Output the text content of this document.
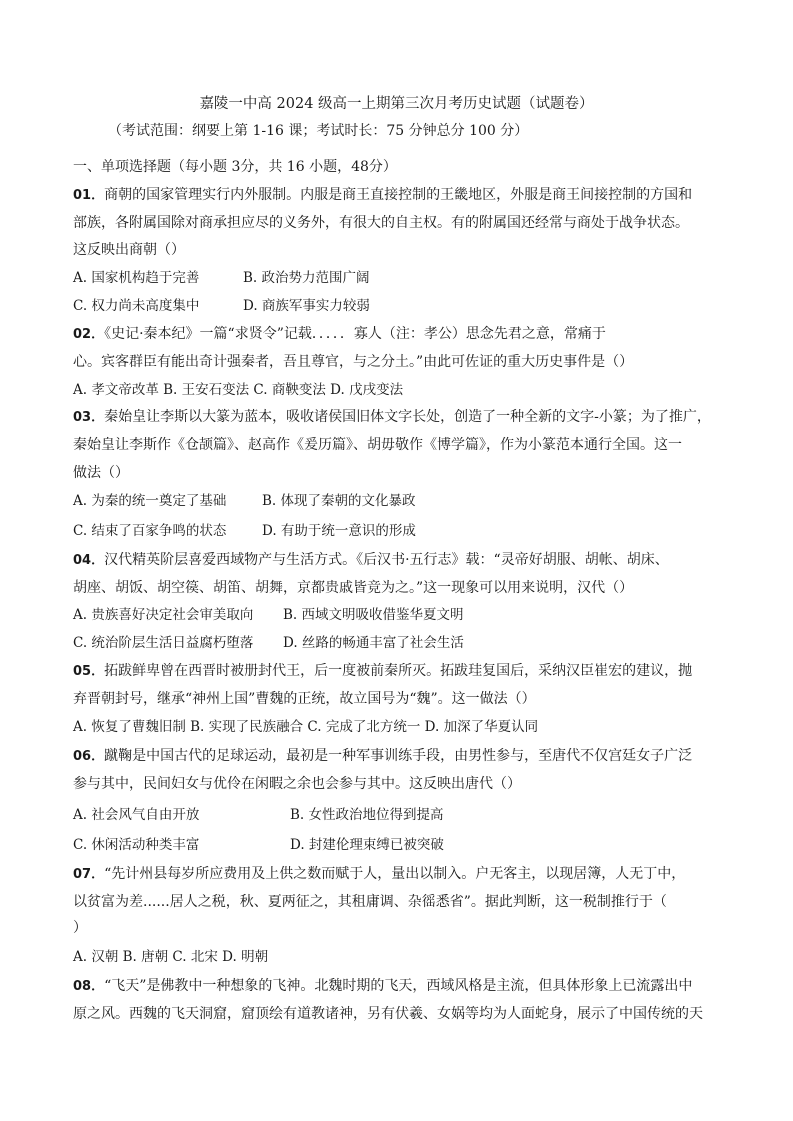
嘉陵一中高 2024 级高一上期第三次月考历史试题（试题卷）
（考试范围：纲要上第 1-16 课；考试时长：75 分钟总分 100 分）
一、单项选择题（每小题 3分，共 16 小题，48分）
01．商朝的国家管理实行内外服制。内服是商王直接控制的王畿地区，外服是商王间接控制的方国和
部族，各附属国除对商承担应尽的义务外，有很大的自主权。有的附属国还经常与商处于战争状态。
这反映出商朝（）
A. 国家机构趋于完善	B. 政治势力范围广阔
C. 权力尚未高度集中	D. 商族军事实力较弱
02．《史记·秦本纪》一篇“求贤令”记载．．．．．寡人（注：孝公）思念先君之意，常痛于
心。宾客群臣有能出奇计强秦者，吾且尊官，与之分土。”由此可佐证的重大历史事件是（）
A. 孝文帝改革 B. 王安石变法 C. 商鞅变法 D. 戊戌变法
03．秦始皇让李斯以大篆为蓝本，吸收诸侯国旧体文字长处，创造了一种全新的文字-小篆；为了推广，
秦始皇让李斯作《仓颉篇》、赵高作《爰历篇》、胡毋敬作《博学篇》，作为小篆范本通行全国。这一
做法（）
A. 为秦的统一奠定了基础	B. 体现了秦朝的文化暴政
C. 结束了百家争鸣的状态	D. 有助于统一意识的形成
04．汉代精英阶层喜爱西域物产与生活方式。《后汉书·五行志》载：“灵帝好胡服、胡帐、胡床、
胡座、胡饭、胡空篌、胡笛、胡舞，京都贵戚皆竞为之。”这一现象可以用来说明，汉代（）
A. 贵族喜好决定社会审美取向 B. 西域文明吸收借鉴华夏文明
C. 统治阶层生活日益腐朽堕落 D. 丝路的畅通丰富了社会生活
05．拓跋鲜卑曾在西晋时被册封代王，后一度被前秦所灭。拓跋珪复国后，采纳汉臣崔宏的建议，抛
弃晋朝封号，继承“神州上国”曹魏的正统，故立国号为“魏”。这一做法（）
A. 恢复了曹魏旧制 B. 实现了民族融合 C. 完成了北方统一 D. 加深了华夏认同
06．蹴鞠是中国古代的足球运动，最初是一种军事训练手段，由男性参与，至唐代不仅宫廷女子广泛
参与其中，民间妇女与优伶在闲暇之余也会参与其中。这反映出唐代（）
A. 社会风气自由开放	B. 女性政治地位得到提高
C. 休闲活动种类丰富	D. 封建伦理束缚已被突破
07．“先计州县每岁所应费用及上供之数而赋于人，量出以制入。户无客主，以现居簿，人无丁中，
以贫富为差......居人之税，秋、夏两征之，其租庸调、杂徭悉省”。据此判断，这一税制推行于（
）
A. 汉朝 B. 唐朝 C. 北宋 D. 明朝
08．“飞天”是佛教中一种想象的飞神。北魏时期的飞天，西域风格是主流，但具体形象上已流露出中
原之风。西魏的飞天洞窟，窟顶绘有道教诸神，另有伏羲、女娲等均为人面蛇身，展示了中国传统的天
